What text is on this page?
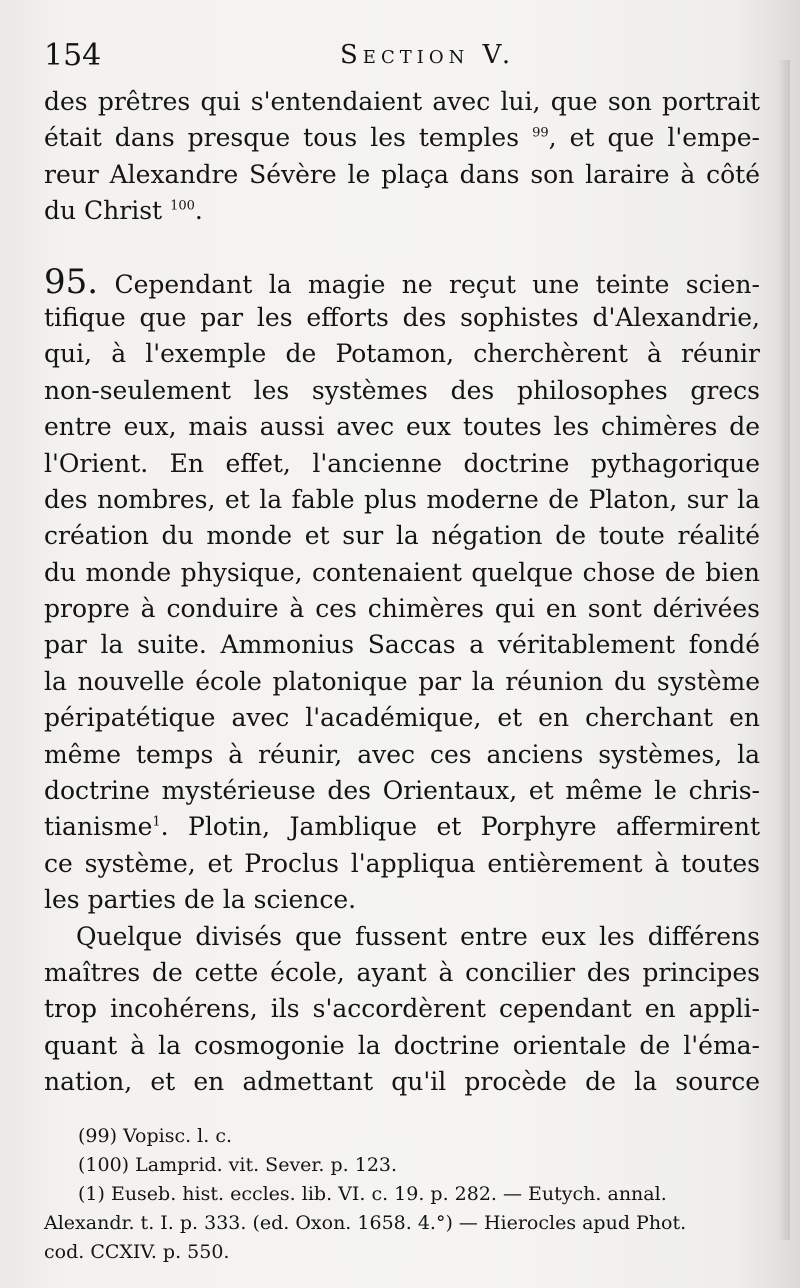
154	Section V.
des prêtres qui s'entendaient avec lui, que son portrait
était dans presque tous les temples $^{99}$, et que l'empe-
reur Alexandre Sévère le plaça dans son laraire à côté
du Christ $^{100}$.
95. Cependant la magie ne reçut une teinte scien-
tifique que par les efforts des sophistes d'Alexandrie,
qui, à l'exemple de Potamon, cherchèrent à réunir
non-seulement les systèmes des philosophes grecs
entre eux, mais aussi avec eux toutes les chimères de
l'Orient. En effet, l'ancienne doctrine pythagorique
des nombres, et la fable plus moderne de Platon, sur la
création du monde et sur la négation de toute réalité
du monde physique, contenaient quelque chose de bien
propre à conduire à ces chimères qui en sont dérivées
par la suite. Ammonius Saccas a véritablement fondé
la nouvelle école platonique par la réunion du système
péripatétique avec l'académique, et en cherchant en
même temps à réunir, avec ces anciens systèmes, la
doctrine mystérieuse des Orientaux, et même le chris-
tianisme$^1$. Plotin, Jamblique et Porphyre affermirent
ce système, et Proclus l'appliqua entièrement à toutes
les parties de la science.
Quelque divisés que fussent entre eux les différens
maîtres de cette école, ayant à concilier des principes
trop incohérens, ils s'accordèrent cependant en appli-
quant à la cosmogonie la doctrine orientale de l'éma-
nation, et en admettant qu'il procède de la source
(99) Vopisc. l. c.
(100) Lamprid. vit. Sever. p. 123.
(1) Euseb. hist. eccles. lib. VI. c. 19. p. 282. — Eutych. annal.
Alexandr. t. I. p. 333. (ed. Oxon. 1658. 4.°) — Hierocles apud Phot.
cod. CCXIV. p. 550.
